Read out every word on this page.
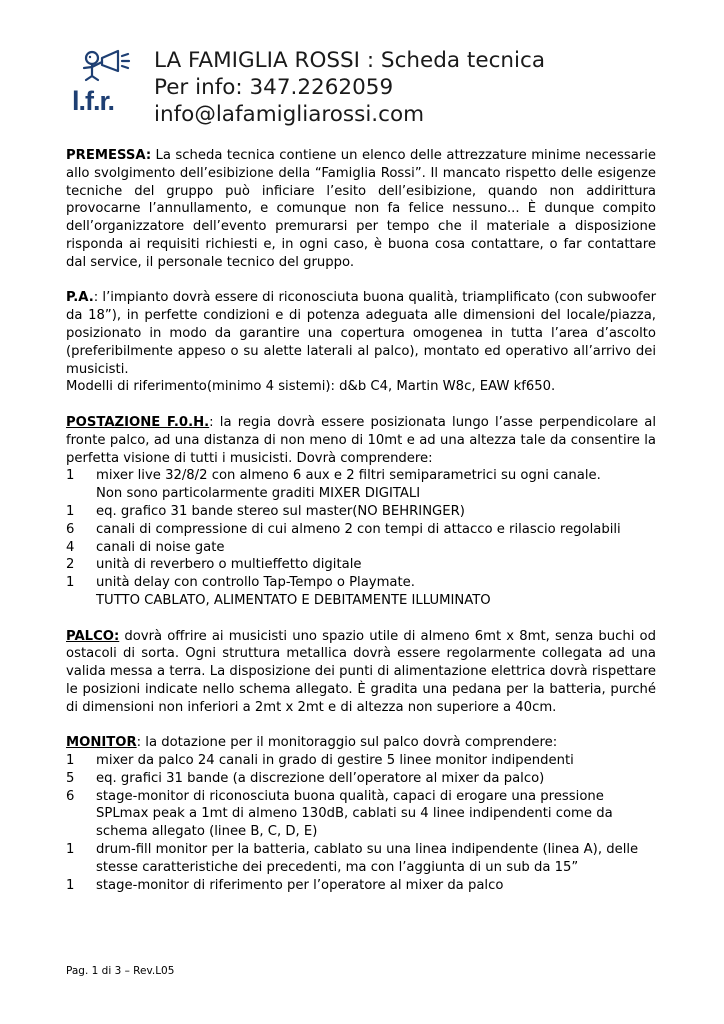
l.f.r.
LA FAMIGLIA ROSSI : Scheda tecnica
Per info: 347.2262059
info@lafamigliarossi.com
PREMESSA: La scheda tecnica contiene un elenco delle attrezzature minime necessarie allo svolgimento dell’esibizione della “Famiglia Rossi”. Il mancato rispetto delle esigenze tecniche del gruppo può inficiare l’esito dell’esibizione, quando non addirittura provocarne l’annullamento, e comunque non fa felice nessuno... È dunque compito dell’organizzatore dell’evento premurarsi per tempo che il materiale a disposizione risponda ai requisiti richiesti e, in ogni caso, è buona cosa contattare, o far contattare dal service, il personale tecnico del gruppo.
P.A.: l’impianto dovrà essere di riconosciuta buona qualità, triamplificato (con subwoofer da 18”), in perfette condizioni e di potenza adeguata alle dimensioni del locale/piazza, posizionato in modo da garantire una copertura omogenea in tutta l’area d’ascolto (preferibilmente appeso o su alette laterali al palco), montato ed operativo all’arrivo dei musicisti.
Modelli di riferimento(minimo 4 sistemi): d&b C4, Martin W8c, EAW kf650.
POSTAZIONE F.0.H.: la regia dovrà essere posizionata lungo l’asse perpendicolare al fronte palco, ad una distanza di non meno di 10mt e ad una altezza tale da consentire la perfetta visione di tutti i musicisti. Dovrà comprendere:
1	mixer live 32/8/2 con almeno 6 aux e 2 filtri semiparametrici su ogni canale.
Non sono particolarmente graditi MIXER DIGITALI
1	eq. grafico 31 bande stereo sul master(NO BEHRINGER)
6	canali di compressione di cui almeno 2 con tempi di attacco e rilascio regolabili
4	canali di noise gate
2	unità di reverbero o multieffetto digitale
1	unità delay con controllo Tap-Tempo o Playmate.
TUTTO CABLATO, ALIMENTATO E DEBITAMENTE ILLUMINATO
PALCO: dovrà offrire ai musicisti uno spazio utile di almeno 6mt x 8mt, senza buchi od ostacoli di sorta. Ogni struttura metallica dovrà essere regolarmente collegata ad una valida messa a terra. La disposizione dei punti di alimentazione elettrica dovrà rispettare le posizioni indicate nello schema allegato. È gradita una pedana per la batteria, purché di dimensioni non inferiori a 2mt x 2mt e di altezza non superiore a 40cm.
MONITOR: la dotazione per il monitoraggio sul palco dovrà comprendere:
1	mixer da palco 24 canali in grado di gestire 5 linee monitor indipendenti
5	eq. grafici 31 bande (a discrezione dell’operatore al mixer da palco)
6	stage-monitor di riconosciuta buona qualità, capaci di erogare una pressione SPLmax peak a 1mt di almeno 130dB, cablati su 4 linee indipendenti come da schema allegato (linee B, C, D, E)
1	drum-fill monitor per la batteria, cablato su una linea indipendente (linea A), delle stesse caratteristiche dei precedenti, ma con l’aggiunta di un sub da 15”
1	stage-monitor di riferimento per l’operatore al mixer da palco
Pag. 1 di 3 – Rev.L05
